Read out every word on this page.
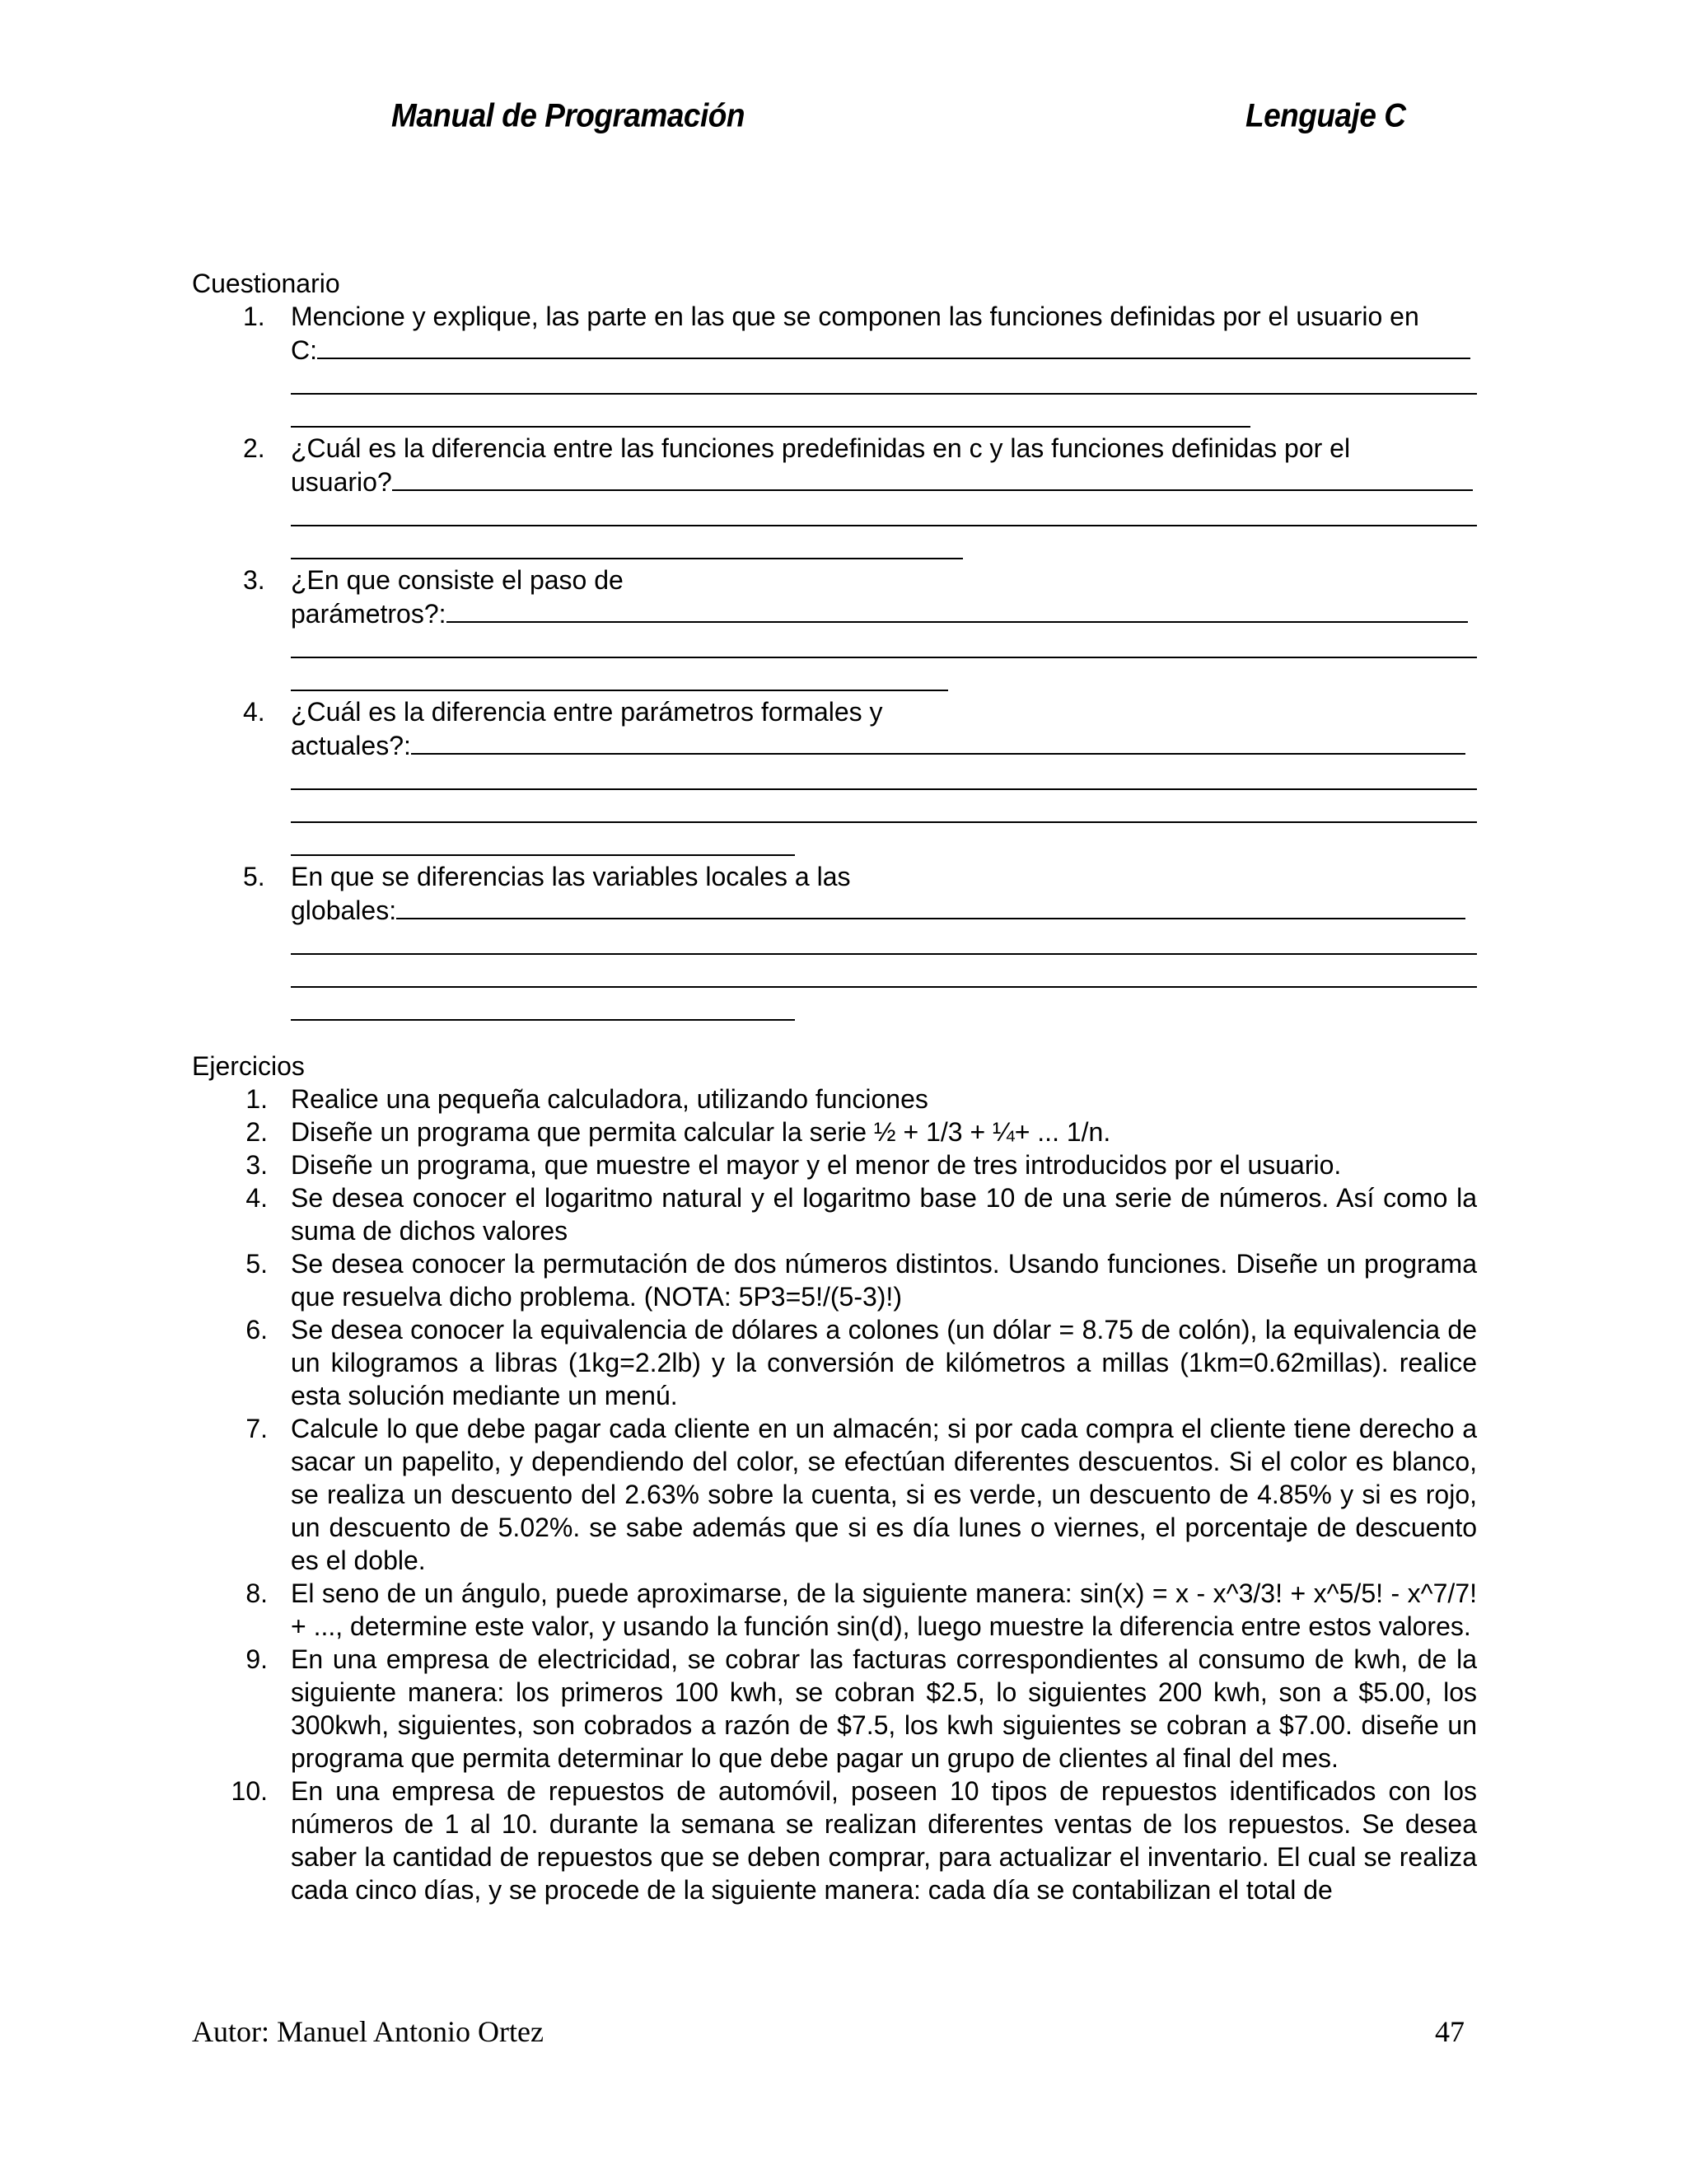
Manual de Programación	Lenguaje C
Cuestionario
1. Mencione y explique, las parte en las que se componen las funciones definidas por el usuario en
C:
2. ¿Cuál es la diferencia entre las funciones predefinidas en c y las funciones definidas por el
usuario?
3. ¿En que consiste el paso de
parámetros?:
4. ¿Cuál es la diferencia entre parámetros formales y
actuales?:
5. En que se diferencias las variables locales a las
globales:
Ejercicios
1. Realice una pequeña calculadora, utilizando funciones
2. Diseñe un programa que permita calcular la serie ½ + 1/3 + ¼+ ... 1/n.
3. Diseñe un programa, que muestre el mayor y el menor de tres introducidos por el usuario.
4. Se desea conocer el logaritmo natural y el logaritmo base 10 de una serie de números. Así como la suma de dichos valores
5. Se desea conocer la permutación de dos números distintos. Usando funciones. Diseñe un programa que resuelva dicho problema. (NOTA: 5P3=5!/(5-3)!)
6. Se desea conocer la equivalencia de dólares a colones (un dólar = 8.75 de colón), la equivalencia de un kilogramos a libras (1kg=2.2lb) y la conversión de kilómetros a millas (1km=0.62millas). realice esta solución mediante un menú.
7. Calcule lo que debe pagar cada cliente en un almacén; si por cada compra el cliente tiene derecho a sacar un papelito, y dependiendo del color, se efectúan diferentes descuentos. Si el color es blanco, se realiza un descuento del 2.63% sobre la cuenta, si es verde, un descuento de 4.85% y si es rojo, un descuento de 5.02%. se sabe además que si es día lunes o viernes, el porcentaje de descuento es el doble.
8. El seno de un ángulo, puede aproximarse, de la siguiente manera: sin(x) = x - x^3/3! + x^5/5! - x^7/7! + ..., determine este valor, y usando la función sin(d), luego muestre la diferencia entre estos valores.
9. En una empresa de electricidad, se cobrar las facturas correspondientes al consumo de kwh, de la siguiente manera: los primeros 100 kwh, se cobran $2.5, lo siguientes 200 kwh, son a $5.00, los 300kwh, siguientes, son cobrados a razón de $7.5, los kwh siguientes se cobran a $7.00. diseñe un programa que permita determinar lo que debe pagar un grupo de clientes al final del mes.
10. En una empresa de repuestos de automóvil, poseen 10 tipos de repuestos identificados con los números de 1 al 10. durante la semana se realizan diferentes ventas de los repuestos. Se desea saber la cantidad de repuestos que se deben comprar, para actualizar el inventario. El cual se realiza cada cinco días, y se procede de la siguiente manera: cada día se contabilizan el total de
Autor: Manuel Antonio Ortez	47
